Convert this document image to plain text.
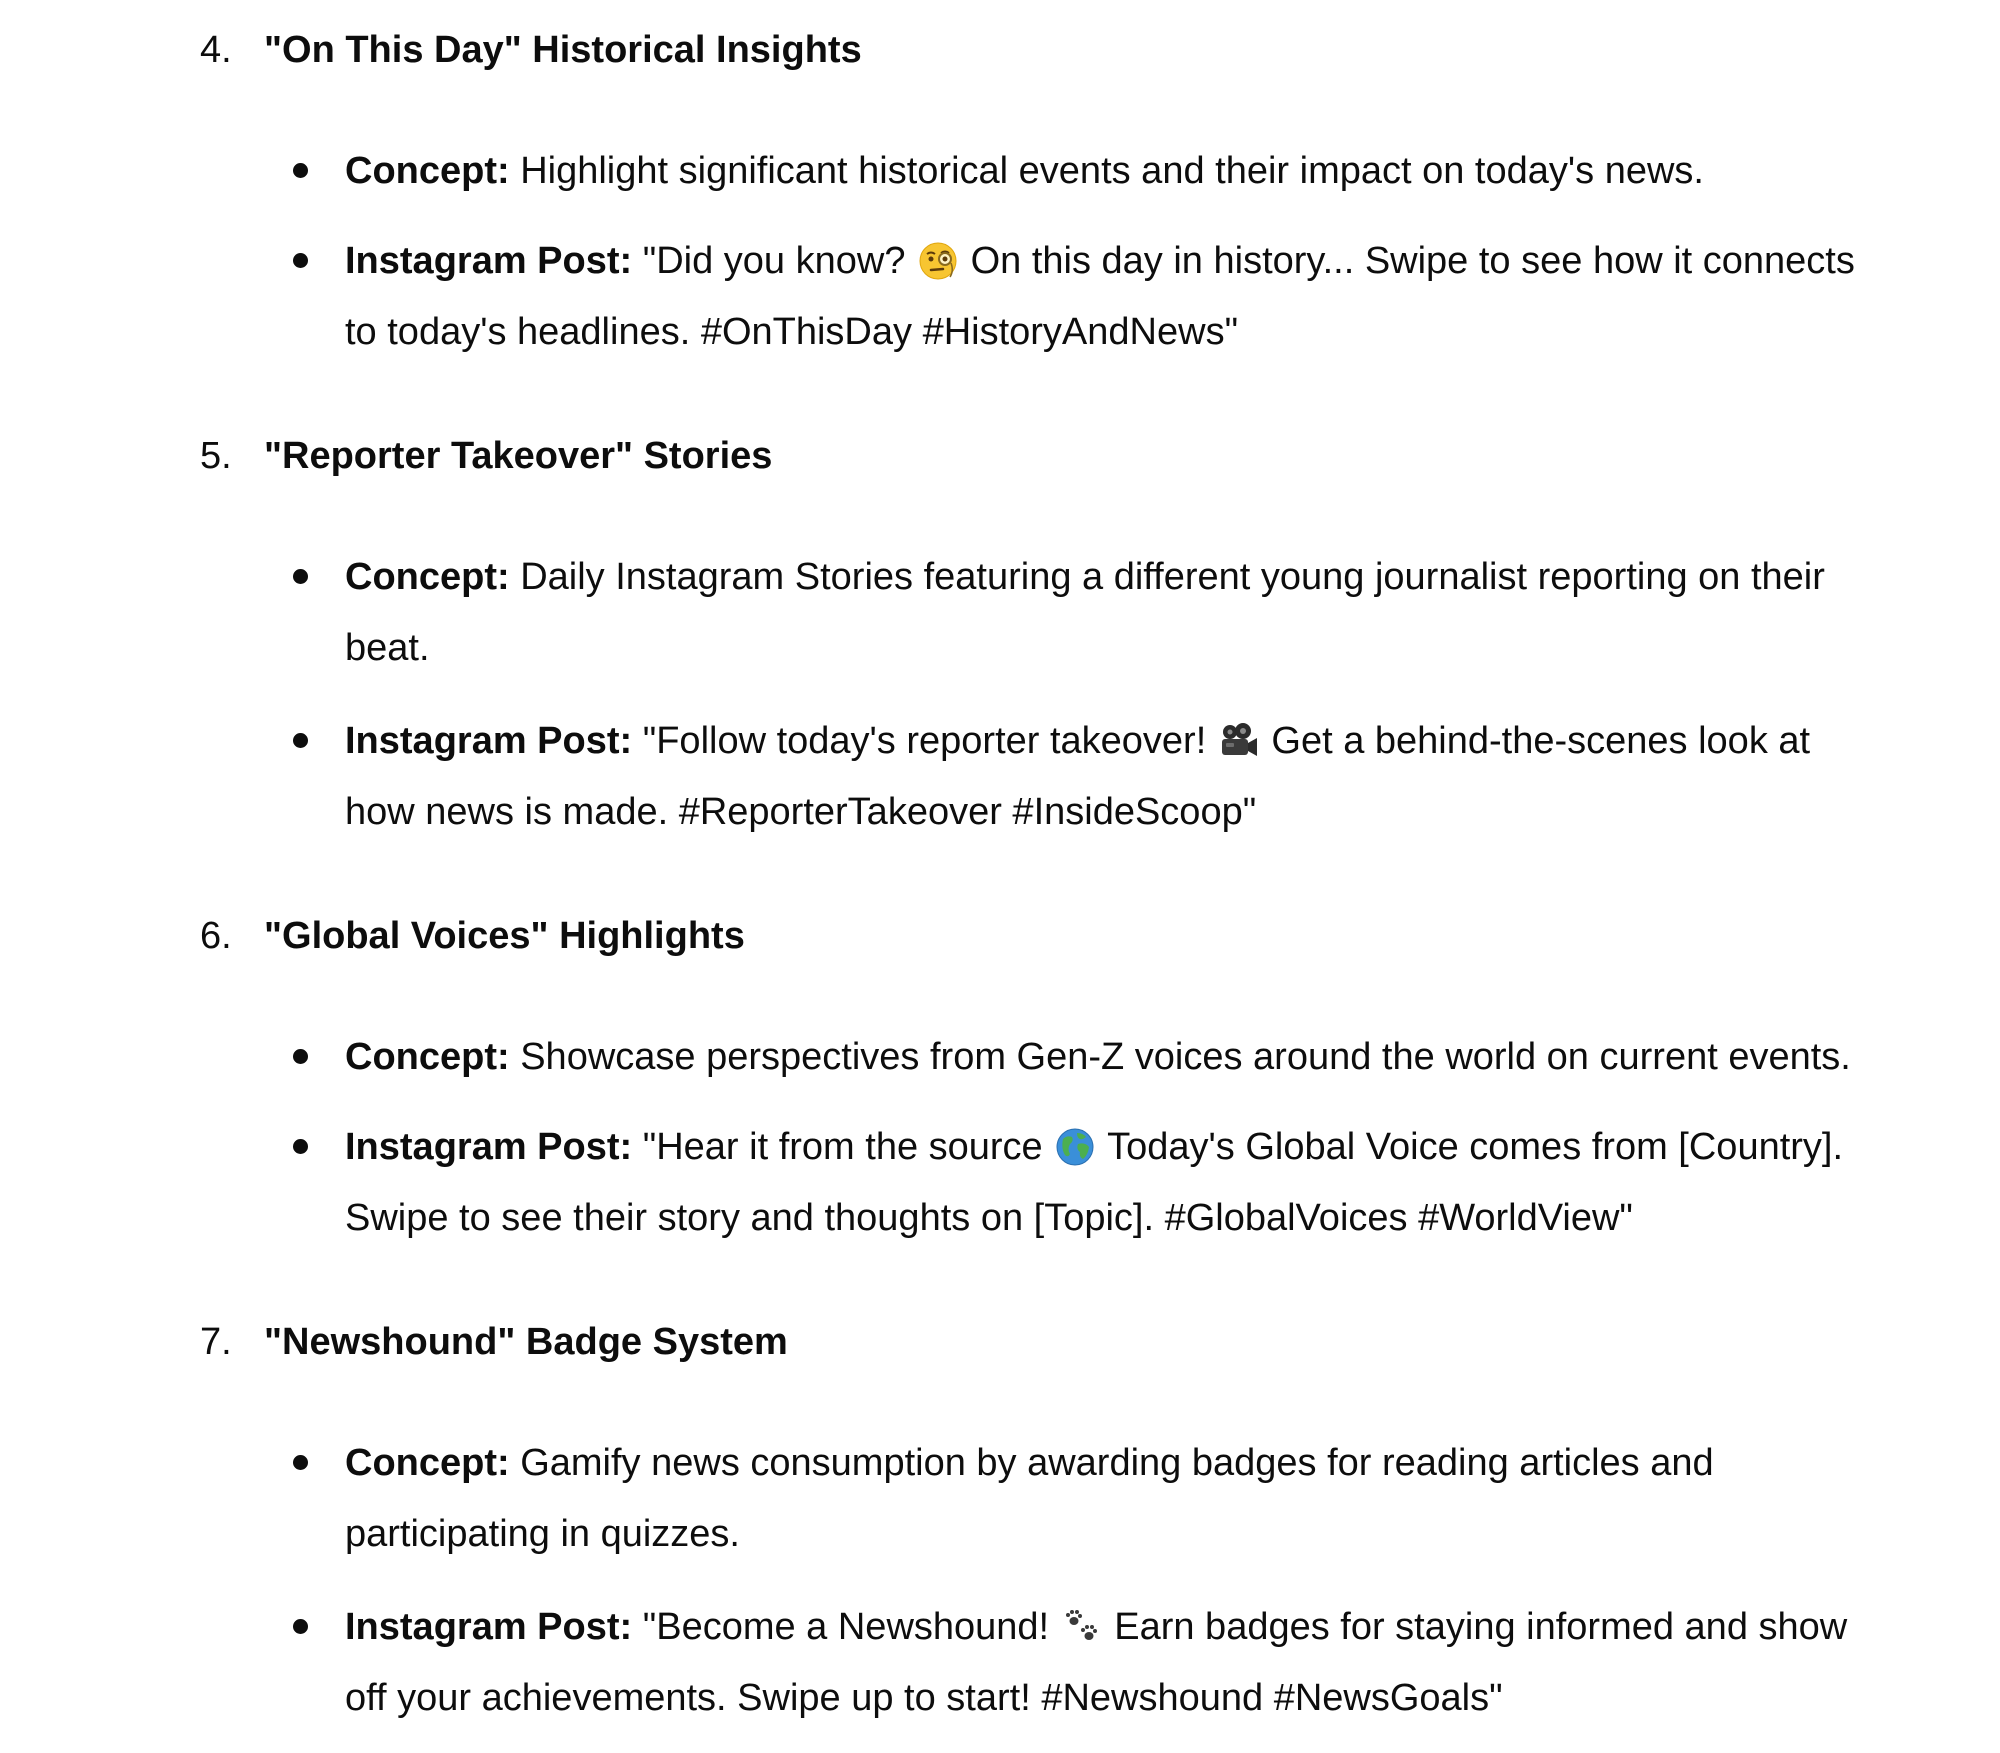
4. "On This Day" Historical Insights
Concept: Highlight significant historical events and their impact on today's news.
Instagram Post: "Did you know?
On this day in history... Swipe to see how it connects
to today's headlines. #OnThisDay #HistoryAndNews"
5. "Reporter Takeover" Stories
Concept: Daily Instagram Stories featuring a different young journalist reporting on their
beat.
Instagram Post: "Follow today's reporter takeover!
Get a behind-the-scenes look at
how news is made. #ReporterTakeover #InsideScoop"
6. "Global Voices" Highlights
Concept: Showcase perspectives from Gen-Z voices around the world on current events.
Instagram Post: "Hear it from the source
Today's Global Voice comes from [Country].
Swipe to see their story and thoughts on [Topic]. #GlobalVoices #WorldView"
7. "Newshound" Badge System
Concept: Gamify news consumption by awarding badges for reading articles and
participating in quizzes.
Instagram Post: "Become a Newshound!
Earn badges for staying informed and show
off your achievements. Swipe up to start! #Newshound #NewsGoals"
